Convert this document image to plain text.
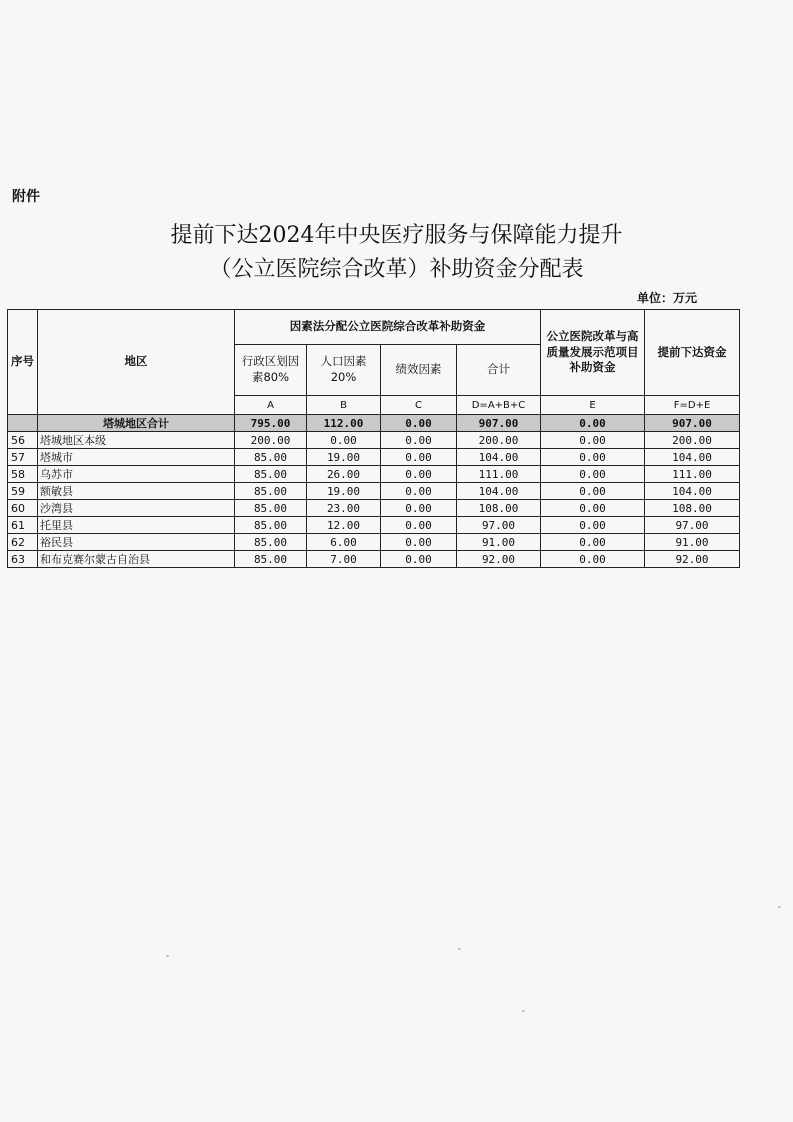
附件
提前下达2024年中央医疗服务与保障能力提升
（公立医院综合改革）补助资金分配表
单位：万元
序号	地区	因素法分配公立医院综合改革补助资金				公立医院改革与高质量发展示范项目补助资金	提前下达资金
		行政区划因素80%	人口因素20%	绩效因素	合计		
		A	B	C	D=A+B+C	E	F=D+E
	塔城地区合计	795.00	112.00	0.00	907.00	0.00	907.00
56	塔城地区本级	200.00	0.00	0.00	200.00	0.00	200.00
57	塔城市	85.00	19.00	0.00	104.00	0.00	104.00
58	乌苏市	85.00	26.00	0.00	111.00	0.00	111.00
59	额敏县	85.00	19.00	0.00	104.00	0.00	104.00
60	沙湾县	85.00	23.00	0.00	108.00	0.00	108.00
61	托里县	85.00	12.00	0.00	97.00	0.00	97.00
62	裕民县	85.00	6.00	0.00	91.00	0.00	91.00
63	和布克赛尔蒙古自治县	85.00	7.00	0.00	92.00	0.00	92.00
